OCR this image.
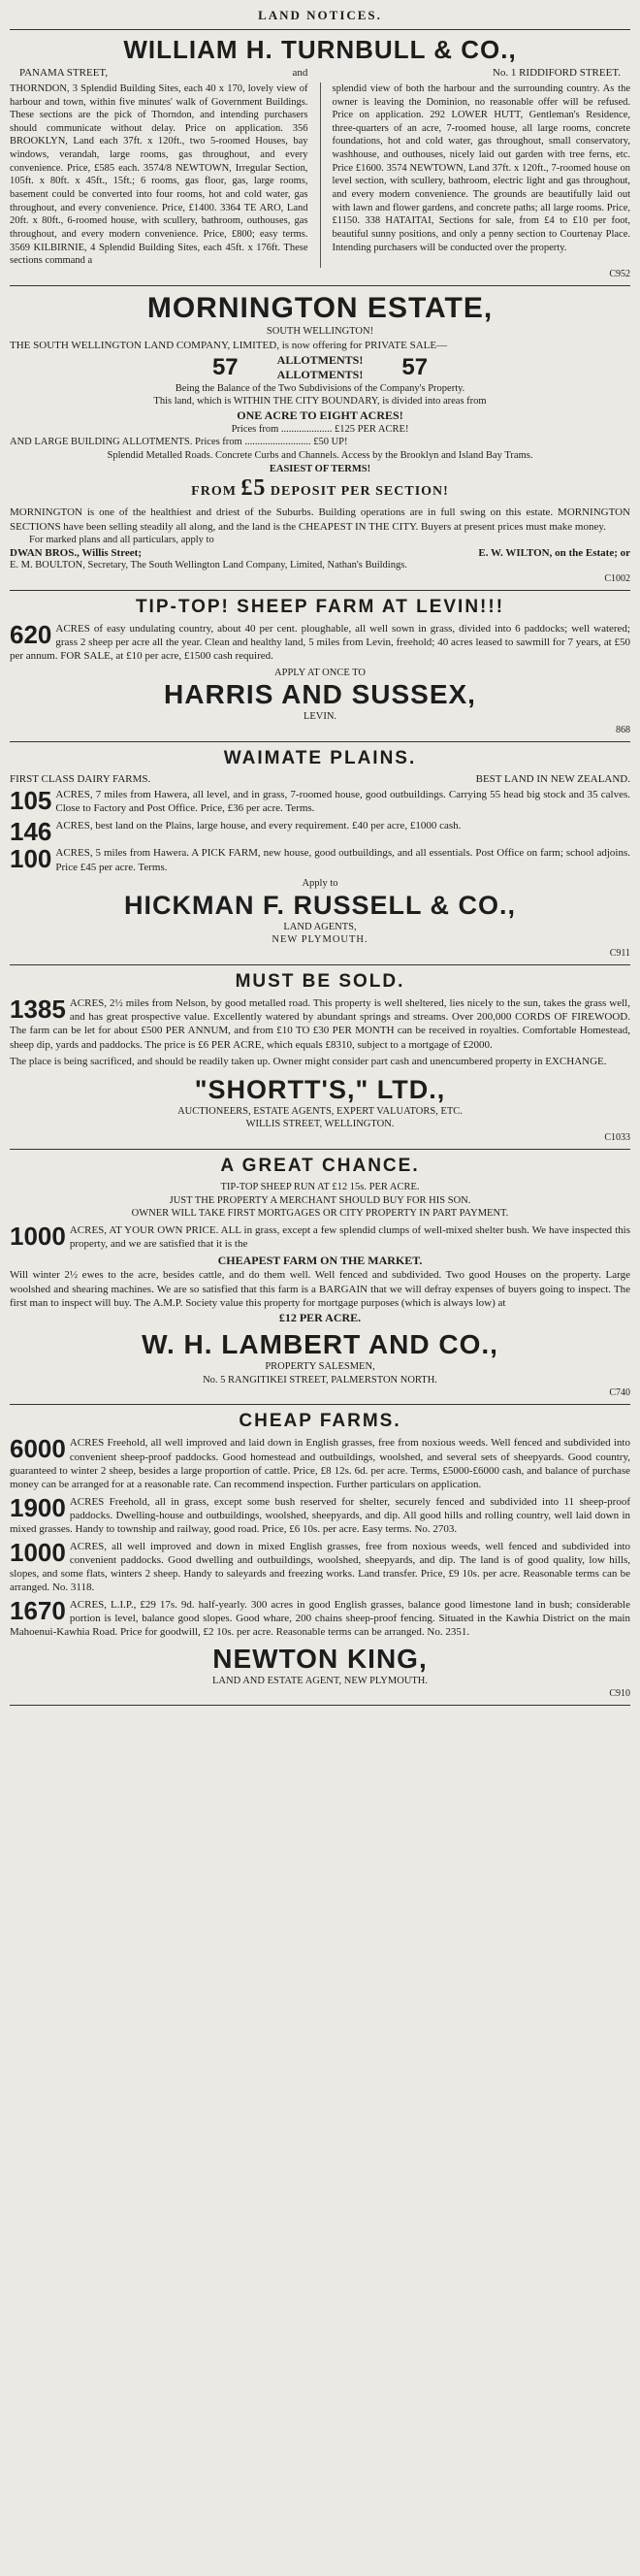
LAND NOTICES.
WILLIAM H. TURNBULL & CO.,
PANAMA STREET,	and	No. 1 RIDDIFORD STREET.
THORNDON, 3 Splendid Building Sites, each 40 x 170, lovely view of harbour and town, within five minutes' walk of Government Buildings. These sections are the pick of Thorndon, and intending purchasers should communicate without delay. Price on application. 356 BROOKLYN, Land each 37ft. x 120ft., two 5-roomed Houses, bay windows, verandah, large rooms, gas throughout, and every convenience. Price, £585 each. 3574/8 NEWTOWN, Irregular Section, 105ft. x 80ft. x 45ft., 15ft.; 6 rooms, gas floor, gas, large rooms, basement could be converted into four rooms, hot and cold water, gas throughout, and every convenience. Price, £1400. 3364 TE ARO, Land 20ft. x 80ft., 6-roomed house, with scullery, bathroom, outhouses, gas throughout, and every modern convenience. Price, £800; easy terms. 3569 KILBIRNIE, 4 Splendid Building Sites, each 45ft. x 176ft. These sections command a
splendid view of both the harbour and the surrounding country. As the owner is leaving the Dominion, no reasonable offer will be refused. Price on application. 292 LOWER HUTT, Gentleman's Residence, three-quarters of an acre, 7-roomed house, all large rooms, concrete foundations, hot and cold water, gas throughout, small conservatory, washhouse, and outhouses, nicely laid out garden with tree ferns, etc. Price £1600. 3574 NEWTOWN, Land 37ft. x 120ft., 7-roomed house on level section, with scullery, bathroom, electric light and gas throughout, and every modern convenience. The grounds are beautifully laid out with lawn and flower gardens, and concrete paths; all large rooms. Price, £1150. 338 HATAITAI, Sections for sale, from £4 to £10 per foot, beautiful sunny positions, and only a penny section to Courtenay Place. Intending purchasers will be conducted over the property.
C952
MORNINGTON ESTATE,
SOUTH WELLINGTON!
THE SOUTH WELLINGTON LAND COMPANY, LIMITED, is now offering for PRIVATE SALE—
57	ALLOTMENTS!
ALLOTMENTS! 57
Being the Balance of the Two Subdivisions of the Company's Property.
This land, which is WITHIN THE CITY BOUNDARY, is divided into areas from
ONE ACRE TO EIGHT ACRES!
Prices from .................... £125 PER ACRE!
AND LARGE BUILDING ALLOTMENTS. Prices from .......................... £50 UP!
Splendid Metalled Roads. Concrete Curbs and Channels. Access by the Brooklyn and Island Bay Trams.
EASIEST OF TERMS!
FROM £5 DEPOSIT PER SECTION!
MORNINGTON is one of the healthiest and driest of the Suburbs. Building operations are in full swing on this estate. MORNINGTON SECTIONS have been selling steadily all along, and the land is the CHEAPEST IN THE CITY. Buyers at present prices must make money.
For marked plans and all particulars, apply to
DWAN BROS., Willis Street;	E. W. WILTON, on the Estate; or
E. M. BOULTON, Secretary, The South Wellington Land Company, Limited, Nathan's Buildings.
C1002
TIP-TOP! SHEEP FARM AT LEVIN!!!
620 ACRES of easy undulating country, about 40 per cent. ploughable, all well sown in grass, divided into 6 paddocks; well watered; grass 2 sheep per acre all the year. Clean and healthy land, 5 miles from Levin, freehold; 40 acres leased to sawmill for 7 years, at £50 per annum. FOR SALE, at £10 per acre, £1500 cash required.
APPLY AT ONCE TO
HARRIS AND SUSSEX,
LEVIN.
868
WAIMATE PLAINS.
FIRST CLASS DAIRY FARMS.	BEST LAND IN NEW ZEALAND.
105 ACRES, 7 miles from Hawera, all level, and in grass, 7-roomed house, good outbuildings. Carrying 55 head big stock and 35 calves. Close to Factory and Post Office. Price, £36 per acre. Terms.
146 ACRES, best land on the Plains, large house, and every requirement. £40 per acre, £1000 cash.
100 ACRES, 5 miles from Hawera. A PICK FARM, new house, good outbuildings, and all essentials. Post Office on farm; school adjoins. Price £45 per acre. Terms.
Apply to
HICKMAN F. RUSSELL & CO.,
LAND AGENTS,
NEW PLYMOUTH.
C911
MUST BE SOLD.
1385 ACRES, 2½ miles from Nelson, by good metalled road. This property is well sheltered, lies nicely to the sun, takes the grass well, and has great prospective value. Excellently watered by abundant springs and streams. Over 200,000 CORDS OF FIREWOOD. The farm can be let for about £500 PER ANNUM, and from £10 TO £30 PER MONTH can be received in royalties. Comfortable Homestead, sheep dip, yards and paddocks. The price is £6 PER ACRE, which equals £8310, subject to a mortgage of £2000.
The place is being sacrificed, and should be readily taken up. Owner might consider part cash and unencumbered property in EXCHANGE.
"SHORTT'S," LTD.,
AUCTIONEERS, ESTATE AGENTS, EXPERT VALUATORS, ETC.
WILLIS STREET, WELLINGTON.
C1033
A GREAT CHANCE.
TIP-TOP SHEEP RUN AT £12 15s. PER ACRE.
JUST THE PROPERTY A MERCHANT SHOULD BUY FOR HIS SON.
OWNER WILL TAKE FIRST MORTGAGES OR CITY PROPERTY IN PART PAYMENT.
1000 ACRES, AT YOUR OWN PRICE. ALL in grass, except a few splendid clumps of well-mixed shelter bush. We have inspected this property, and we are satisfied that it is the
CHEAPEST FARM ON THE MARKET.
Will winter 2½ ewes to the acre, besides cattle, and do them well. Well fenced and subdivided. Two good Houses on the property. Large woolshed and shearing machines. We are so satisfied that this farm is a BARGAIN that we will defray expenses of buyers going to inspect. The first man to inspect will buy. The A.M.P. Society value this property for mortgage purposes (which is always low) at
£12 PER ACRE.
W. H. LAMBERT AND CO.,
PROPERTY SALESMEN,
No. 5 RANGITIKEI STREET, PALMERSTON NORTH.
C740
CHEAP FARMS.
6000 ACRES Freehold, all well improved and laid down in English grasses, free from noxious weeds. Well fenced and subdivided into convenient sheep-proof paddocks. Good homestead and outbuildings, woolshed, and several sets of sheepyards. Good country, guaranteed to winter 2 sheep, besides a large proportion of cattle. Price, £8 12s. 6d. per acre. Terms, £5000-£6000 cash, and balance of purchase money can be arranged for at a reasonable rate. Can recommend inspection. Further particulars on application.
1900 ACRES Freehold, all in grass, except some bush reserved for shelter, securely fenced and subdivided into 11 sheep-proof paddocks. Dwelling-house and outbuildings, woolshed, sheepyards, and dip. All good hills and rolling country, well laid down in mixed grasses. Handy to township and railway, good road. Price, £6 10s. per acre. Easy terms. No. 2703.
1000 ACRES, all well improved and down in mixed English grasses, free from noxious weeds, well fenced and subdivided into convenient paddocks. Good dwelling and outbuildings, woolshed, sheepyards, and dip. The land is of good quality, low hills, slopes, and some flats, winters 2 sheep. Handy to saleyards and freezing works. Land transfer. Price, £9 10s. per acre. Reasonable terms can be arranged. No. 3118.
1670 ACRES, L.I.P., £29 17s. 9d. half-yearly. 300 acres in good English grasses, balance good limestone land in bush; considerable portion is level, balance good slopes. Good whare, 200 chains sheep-proof fencing. Situated in the Kawhia District on the main Mahoenui-Kawhia Road. Price for goodwill, £2 10s. per acre. Reasonable terms can be arranged. No. 2351.
NEWTON KING,
LAND AND ESTATE AGENT, NEW PLYMOUTH.
C910
